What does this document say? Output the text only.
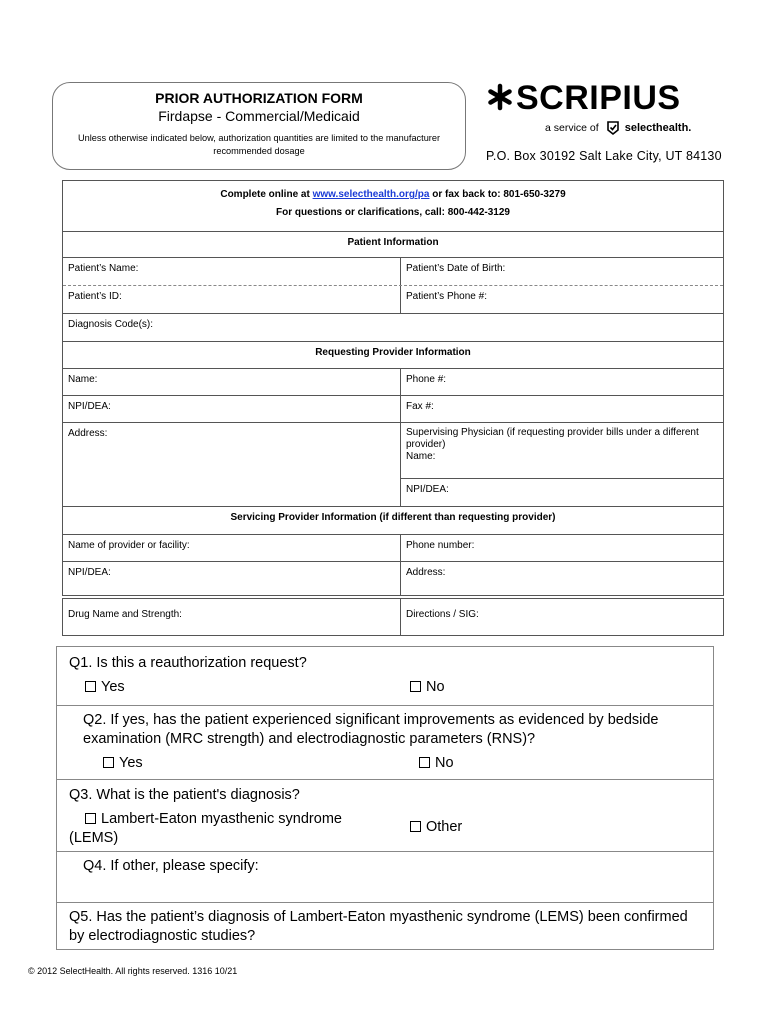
PRIOR AUTHORIZATION FORM
Firdapse - Commercial/Medicaid
Unless otherwise indicated below, authorization quantities are limited to the manufacturer recommended dosage
SCRIPIUS
a service of selecthealth.
P.O. Box 30192 Salt Lake City, UT 84130
Complete online at www.selecthealth.org/pa or fax back to: 801-650-3279
For questions or clarifications, call: 800-442-3129
Patient Information
Patient’s Name:	Patient’s Date of Birth:
Patient’s ID:	Patient’s Phone #:
Diagnosis Code(s):
Requesting Provider Information
Name:	Phone #:
NPI/DEA:	Fax #:
Address:	Supervising Physician (if requesting provider bills under a different provider)
Name:
NPI/DEA:
Servicing Provider Information (if different than requesting provider)
Name of provider or facility:	Phone number:
NPI/DEA:	Address:
Drug Name and Strength:	Directions / SIG:
Q1. Is this a reauthorization request?
Yes	No
Q2. If yes, has the patient experienced significant improvements as evidenced by bedside examination (MRC strength) and electrodiagnostic parameters (RNS)?
Yes	No
Q3. What is the patient's diagnosis?
Lambert-Eaton myasthenic syndrome (LEMS)
Other
Q4. If other, please specify:
Q5. Has the patient’s diagnosis of Lambert-Eaton myasthenic syndrome (LEMS) been confirmed by electrodiagnostic studies?
© 2012 SelectHealth. All rights reserved. 1316 10/21
